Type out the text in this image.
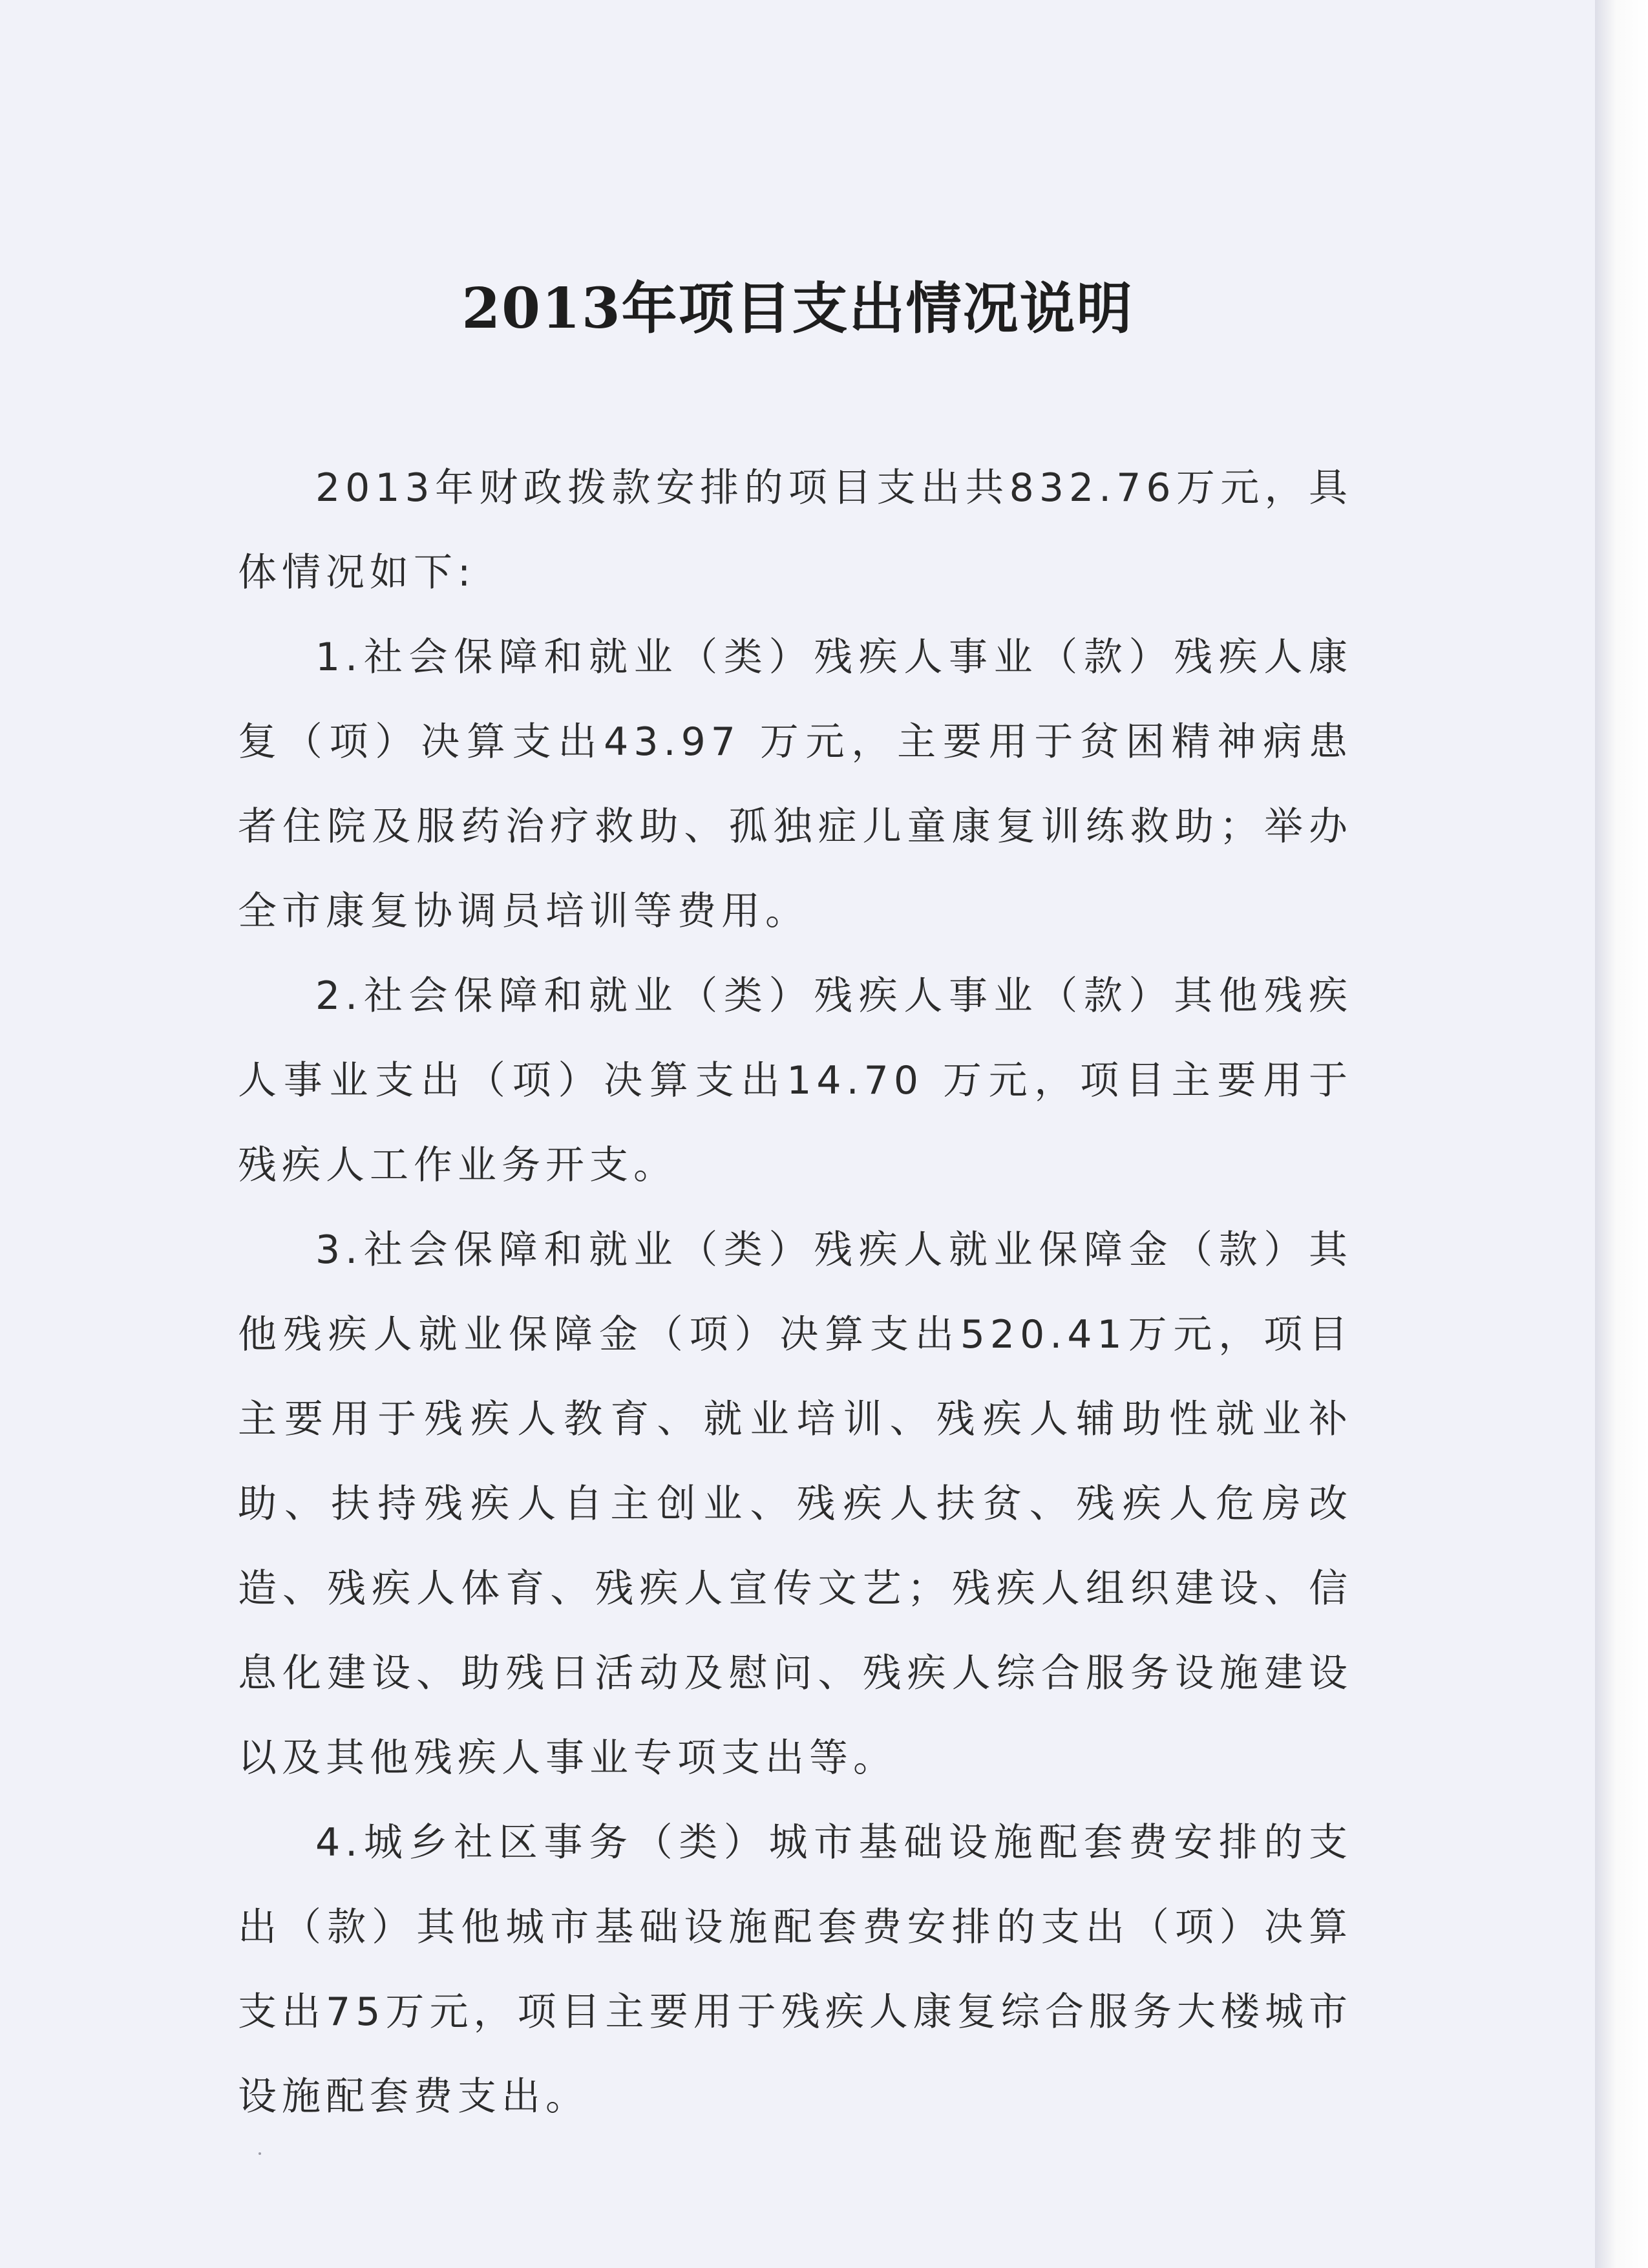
2013年项目支出情况说明

2013年财政拨款安排的项目支出共832.76万元，具体情况如下:

1.社会保障和就业（类）残疾人事业（款）残疾人康复（项）决算支出43.97 万元，主要用于贫困精神病患者住院及服药治疗救助、孤独症儿童康复训练救助；举办全市康复协调员培训等费用。

2.社会保障和就业（类）残疾人事业（款）其他残疾人事业支出（项）决算支出14.70 万元，项目主要用于残疾人工作业务开支。

3.社会保障和就业（类）残疾人就业保障金（款）其他残疾人就业保障金（项）决算支出520.41万元，项目主要用于残疾人教育、就业培训、残疾人辅助性就业补助、扶持残疾人自主创业、残疾人扶贫、残疾人危房改造、残疾人体育、残疾人宣传文艺；残疾人组织建设、信息化建设、助残日活动及慰问、残疾人综合服务设施建设以及其他残疾人事业专项支出等。

4.城乡社区事务（类）城市基础设施配套费安排的支出（款）其他城市基础设施配套费安排的支出（项）决算支出75万元，项目主要用于残疾人康复综合服务大楼城市设施配套费支出。
